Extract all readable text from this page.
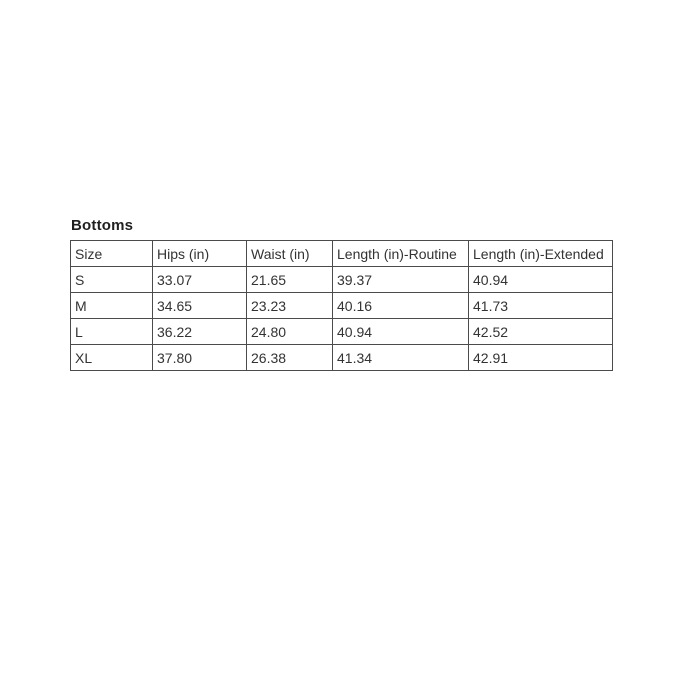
Bottoms
Size	Hips (in)	Waist (in)	Length (in)-Routine	Length (in)-Extended
S	33.07	21.65	39.37	40.94
M	34.65	23.23	40.16	41.73
L	36.22	24.80	40.94	42.52
XL	37.80	26.38	41.34	42.91
